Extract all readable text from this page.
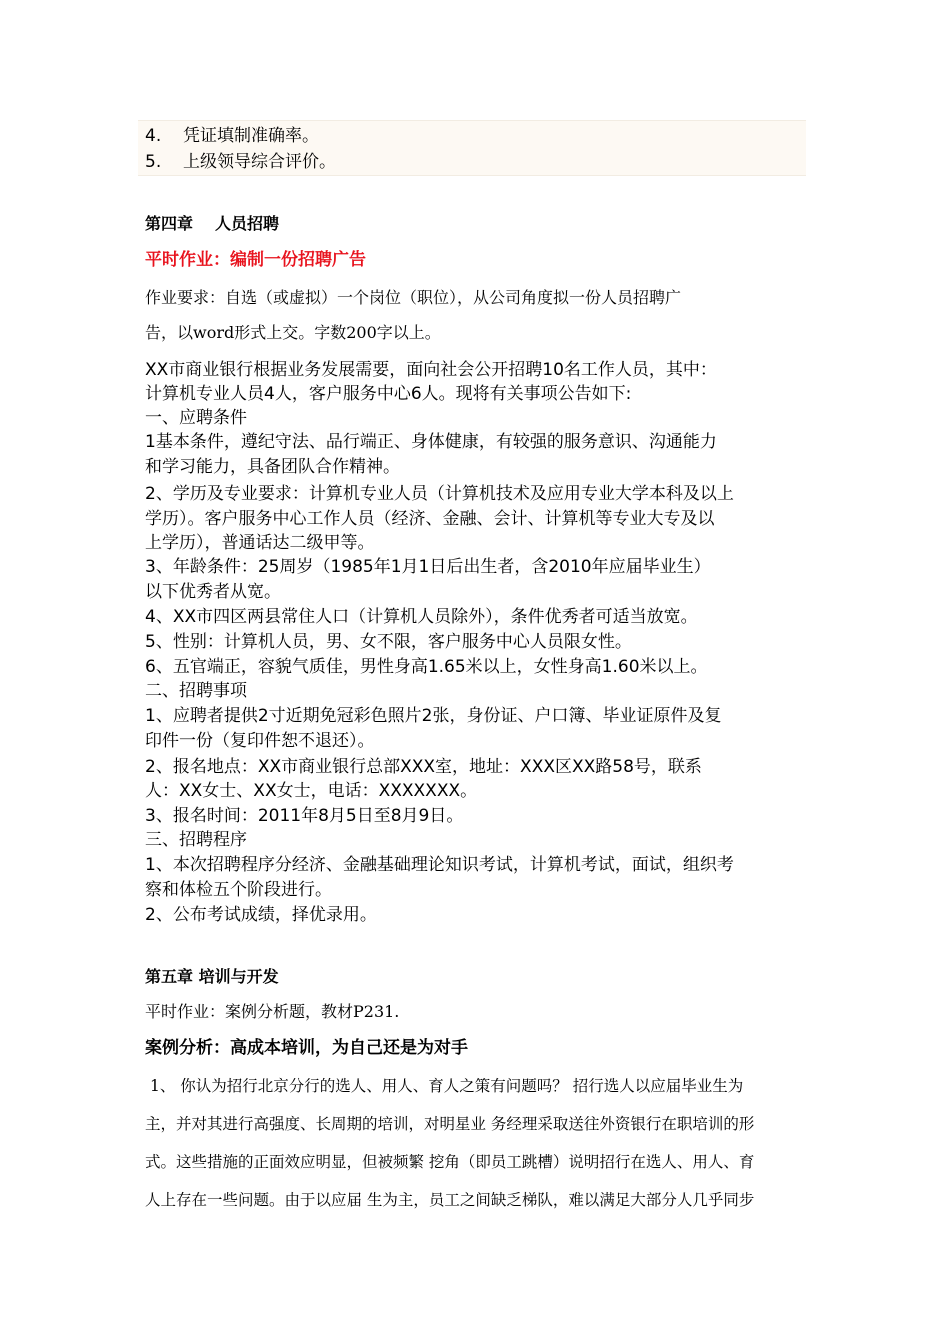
4. 凭证填制准确率。
5. 上级领导综合评价。
第四章 人员招聘
平时作业：编制一份招聘广告
作业要求：自选（或虚拟）一个岗位（职位），从公司角度拟一份人员招聘广
告，以word形式上交。字数200字以上。
XX市商业银行根据业务发展需要，面向社会公开招聘10名工作人员，其中：
计算机专业人员4人，客户服务中心6人。现将有关事项公告如下:
一、应聘条件
1基本条件，遵纪守法、品行端正、身体健康，有较强的服务意识、沟通能力
和学习能力，具备团队合作精神。
2、学历及专业要求：计算机专业人员（计算机技术及应用专业大学本科及以上
学历）。客户服务中心工作人员（经济、金融、会计、计算机等专业大专及以
上学历），普通话达二级甲等。
3、年龄条件：25周岁（1985年1月1日后出生者，含2010年应届毕业生）
以下优秀者从宽。
4、XX市四区两县常住人口（计算机人员除外），条件优秀者可适当放宽。
5、性别：计算机人员，男、女不限，客户服务中心人员限女性。
6、五官端正，容貌气质佳，男性身高1.65米以上，女性身高1.60米以上。
二、招聘事项
1、应聘者提供2寸近期免冠彩色照片2张，身份证、户口簿、毕业证原件及复
印件一份（复印件恕不退还）。
2、报名地点：XX市商业银行总部XXX室，地址：XXX区XX路58号，联系
人：XX女士、XX女士，电话：XXXXXXX。
3、报名时间：2011年8月5日至8月9日。
三、招聘程序
1、本次招聘程序分经济、金融基础理论知识考试，计算机考试，面试，组织考
察和体检五个阶段进行。
2、公布考试成绩，择优录用。
第五章 培训与开发
平时作业：案例分析题，教材P231.
案例分析：高成本培训，为自己还是为对手
1、 你认为招行北京分行的选人、用人、育人之策有问题吗？ 招行选人以应届毕业生为
主，并对其进行高强度、长周期的培训，对明星业 务经理采取送往外资银行在职培训的形
式。这些措施的正面效应明显，但被频繁 挖角（即员工跳槽）说明招行在选人、用人、育
人上存在一些问题。由于以应届 生为主，员工之间缺乏梯队，难以满足大部分人几乎同步
